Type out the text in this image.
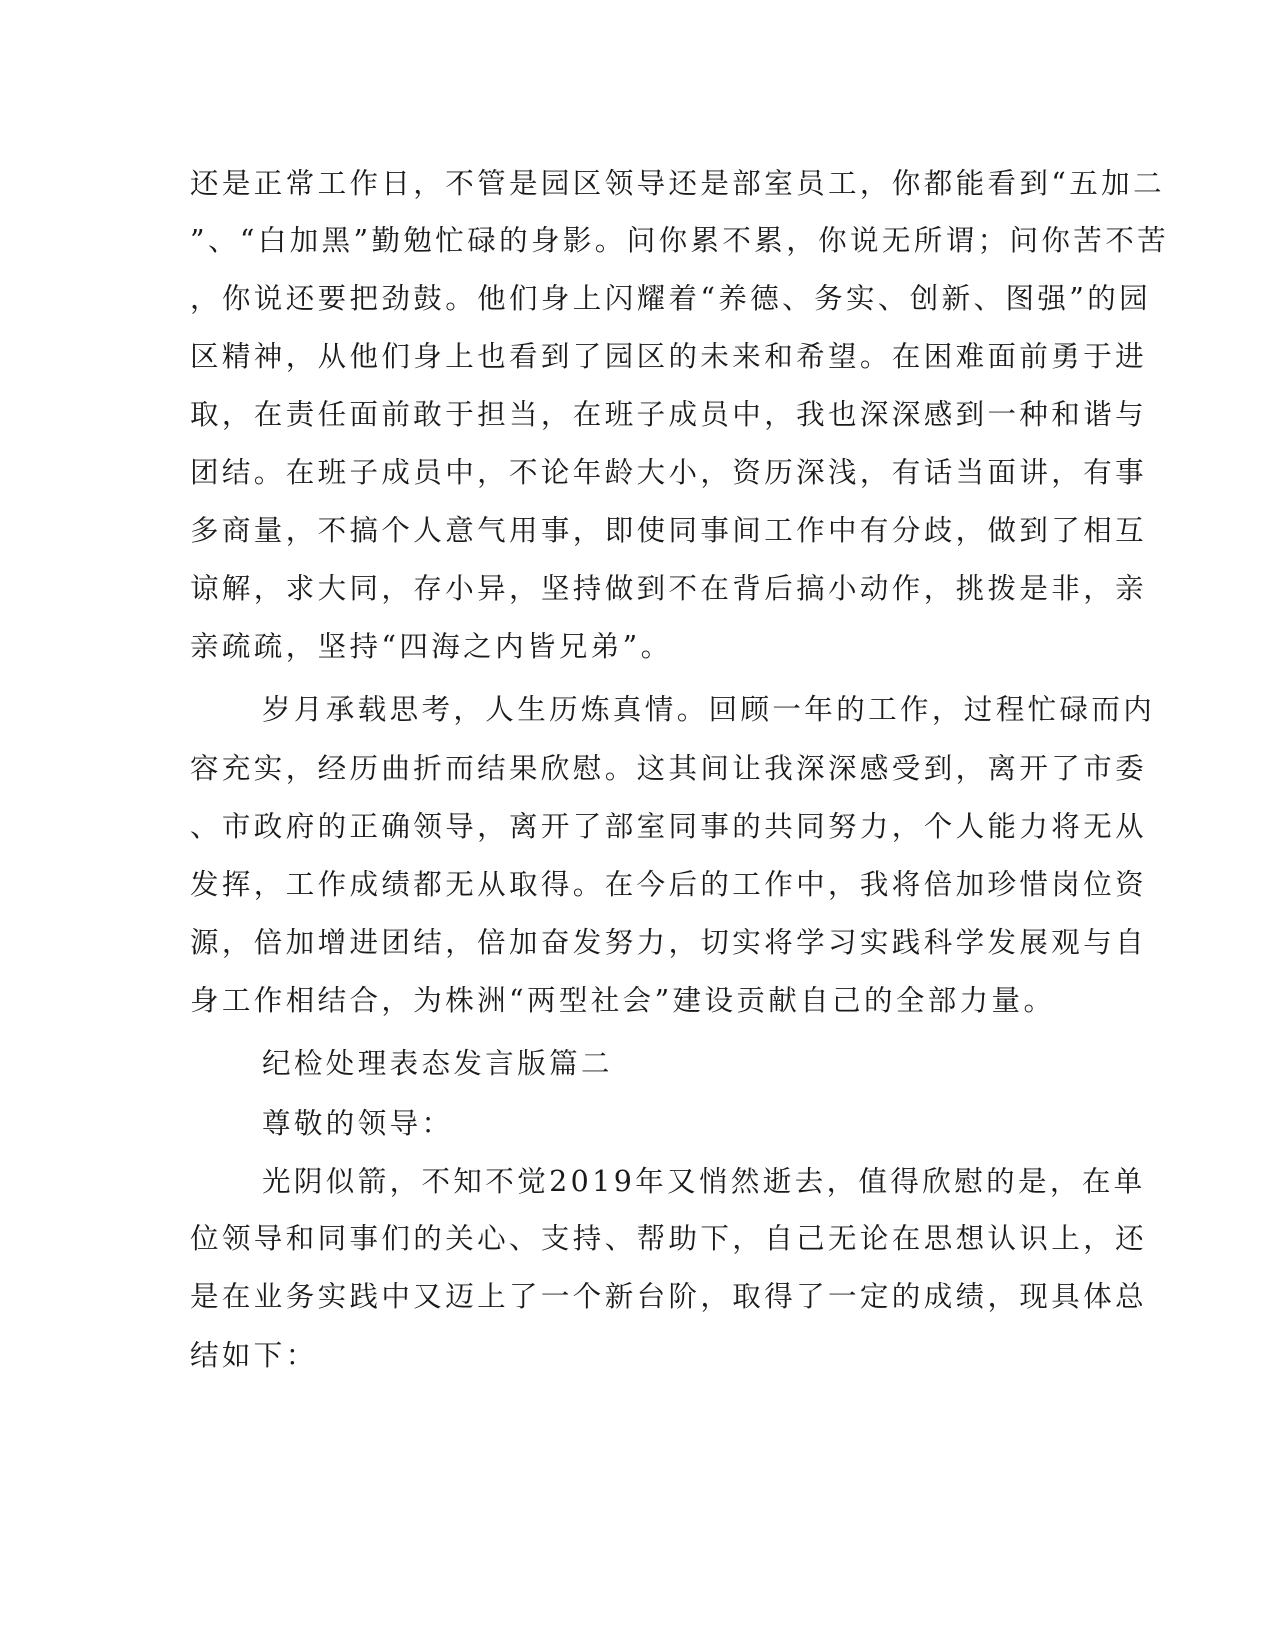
还是正常工作日，不管是园区领导还是部室员工，你都能看到“五加二
”、“白加黑”勤勉忙碌的身影。问你累不累，你说无所谓；问你苦不苦
，你说还要把劲鼓。他们身上闪耀着“养德、务实、创新、图强”的园
区精神，从他们身上也看到了园区的未来和希望。在困难面前勇于进
取，在责任面前敢于担当，在班子成员中，我也深深感到一种和谐与
团结。在班子成员中，不论年龄大小，资历深浅，有话当面讲，有事
多商量，不搞个人意气用事，即使同事间工作中有分歧，做到了相互
谅解，求大同，存小异，坚持做到不在背后搞小动作，挑拨是非，亲
亲疏疏，坚持“四海之内皆兄弟”。
岁月承载思考，人生历炼真情。回顾一年的工作，过程忙碌而内
容充实，经历曲折而结果欣慰。这其间让我深深感受到，离开了市委
、市政府的正确领导，离开了部室同事的共同努力，个人能力将无从
发挥，工作成绩都无从取得。在今后的工作中，我将倍加珍惜岗位资
源，倍加增进团结，倍加奋发努力，切实将学习实践科学发展观与自
身工作相结合，为株洲“两型社会”建设贡献自己的全部力量。
纪检处理表态发言版篇二
尊敬的领导：
光阴似箭，不知不觉2019年又悄然逝去，值得欣慰的是，在单
位领导和同事们的关心、支持、帮助下，自己无论在思想认识上，还
是在业务实践中又迈上了一个新台阶，取得了一定的成绩，现具体总
结如下：
